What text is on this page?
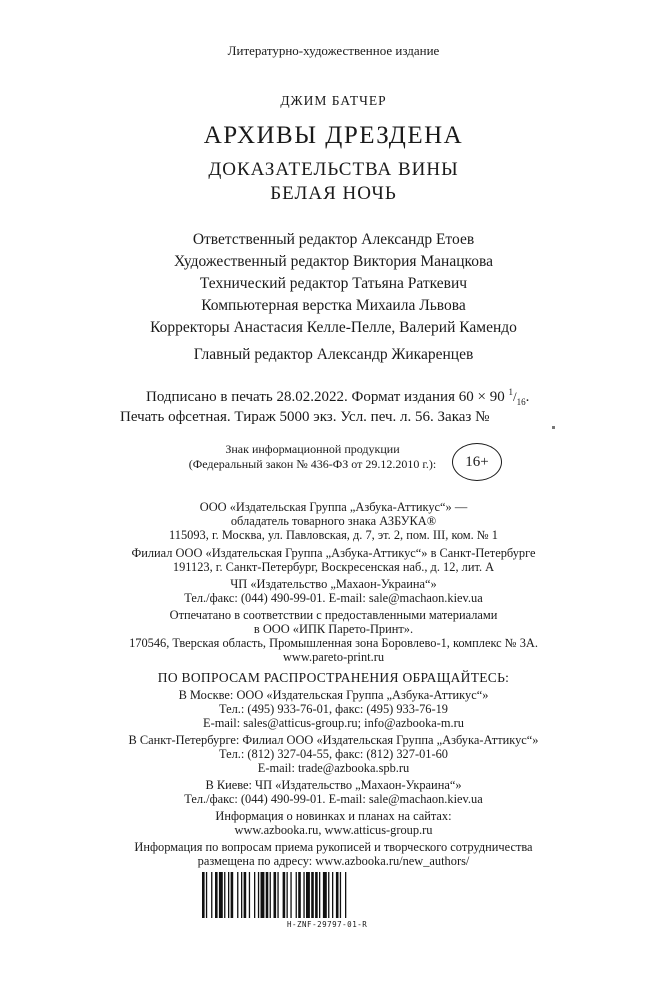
Литературно-художественное издание
ДЖИМ БАТЧЕР
АРХИВЫ ДРЕЗДЕНА
ДОКАЗАТЕЛЬСТВА ВИНЫ
БЕЛАЯ НОЧЬ
Ответственный редактор Александр Етоев
Художественный редактор Виктория Манацкова
Технический редактор Татьяна Раткевич
Компьютерная верстка Михаила Львова
Корректоры Анастасия Келле-Пелле, Валерий Камендо
Главный редактор Александр Жикаренцев
Подписано в печать 28.02.2022. Формат издания 60 × 90 $^1/_{16}$.
Печать офсетная. Тираж 5000 экз. Усл. печ. л. 56. Заказ №
Знак информационной продукции
(Федеральный закон № 436-ФЗ от 29.12.2010 г.):	16+
ООО «Издательская Группа „Азбука-Аттикус“» —
обладатель товарного знака АЗБУКА®
115093, г. Москва, ул. Павловская, д. 7, эт. 2, пом. III, ком. № 1
Филиал ООО «Издательская Группа „Азбука-Аттикус“» в Санкт-Петербурге
191123, г. Санкт-Петербург, Воскресенская наб., д. 12, лит. А
ЧП «Издательство „Махаон-Украина“»
Тел./факс: (044) 490-99-01. E-mail: sale@machaon.kiev.ua
Отпечатано в соответствии с предоставленными материалами
в ООО «ИПК Парето-Принт».
170546, Тверская область, Промышленная зона Боровлево-1, комплекс № 3А.
www.pareto-print.ru
ПО ВОПРОСАМ РАСПРОСТРАНЕНИЯ ОБРАЩАЙТЕСЬ:
В Москве: ООО «Издательская Группа „Азбука-Аттикус“»
Тел.: (495) 933-76-01, факс: (495) 933-76-19
E-mail: sales@atticus-group.ru; info@azbooka-m.ru
В Санкт-Петербурге: Филиал ООО «Издательская Группа „Азбука-Аттикус“»
Тел.: (812) 327-04-55, факс: (812) 327-01-60
E-mail: trade@azbooka.spb.ru
В Киеве: ЧП «Издательство „Махаон-Украина“»
Тел./факс: (044) 490-99-01. E-mail: sale@machaon.kiev.ua
Информация о новинках и планах на сайтах:
www.azbooka.ru, www.atticus-group.ru
Информация по вопросам приема рукописей и творческого сотрудничества
размещена по адресу: www.azbooka.ru/new_authors/
H-ZNF-29797-01-R
